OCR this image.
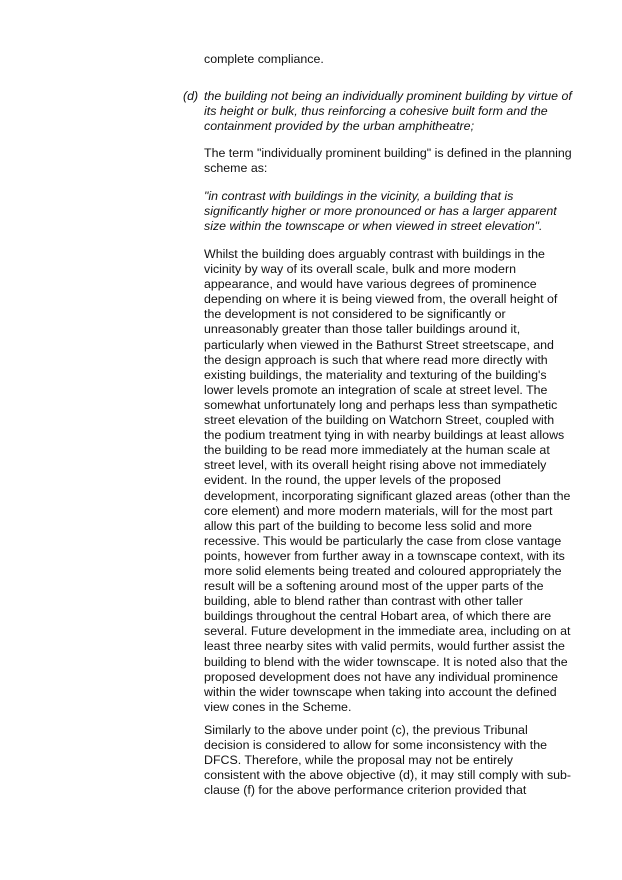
complete compliance.

(d) the building not being an individually prominent building by virtue of its height or bulk, thus reinforcing a cohesive built form and the containment provided by the urban amphitheatre;

The term "individually prominent building" is defined in the planning scheme as:

"in contrast with buildings in the vicinity, a building that is significantly higher or more pronounced or has a larger apparent size within the townscape or when viewed in street elevation".

Whilst the building does arguably contrast with buildings in the vicinity by way of its overall scale, bulk and more modern appearance, and would have various degrees of prominence depending on where it is being viewed from, the overall height of the development is not considered to be significantly or unreasonably greater than those taller buildings around it, particularly when viewed in the Bathurst Street streetscape, and the design approach is such that where read more directly with existing buildings, the materiality and texturing of the building's lower levels promote an integration of scale at street level. The somewhat unfortunately long and perhaps less than sympathetic street elevation of the building on Watchorn Street, coupled with the podium treatment tying in with nearby buildings at least allows the building to be read more immediately at the human scale at street level, with its overall height rising above not immediately evident. In the round, the upper levels of the proposed development, incorporating significant glazed areas (other than the core element) and more modern materials, will for the most part allow this part of the building to become less solid and more recessive. This would be particularly the case from close vantage points, however from further away in a townscape context, with its more solid elements being treated and coloured appropriately the result will be a softening around most of the upper parts of the building, able to blend rather than contrast with other taller buildings throughout the central Hobart area, of which there are several. Future development in the immediate area, including on at least three nearby sites with valid permits, would further assist the building to blend with the wider townscape. It is noted also that the proposed development does not have any individual prominence within the wider townscape when taking into account the defined view cones in the Scheme.

Similarly to the above under point (c), the previous Tribunal decision is considered to allow for some inconsistency with the DFCS. Therefore, while the proposal may not be entirely consistent with the above objective (d), it may still comply with sub-clause (f) for the above performance criterion provided that
